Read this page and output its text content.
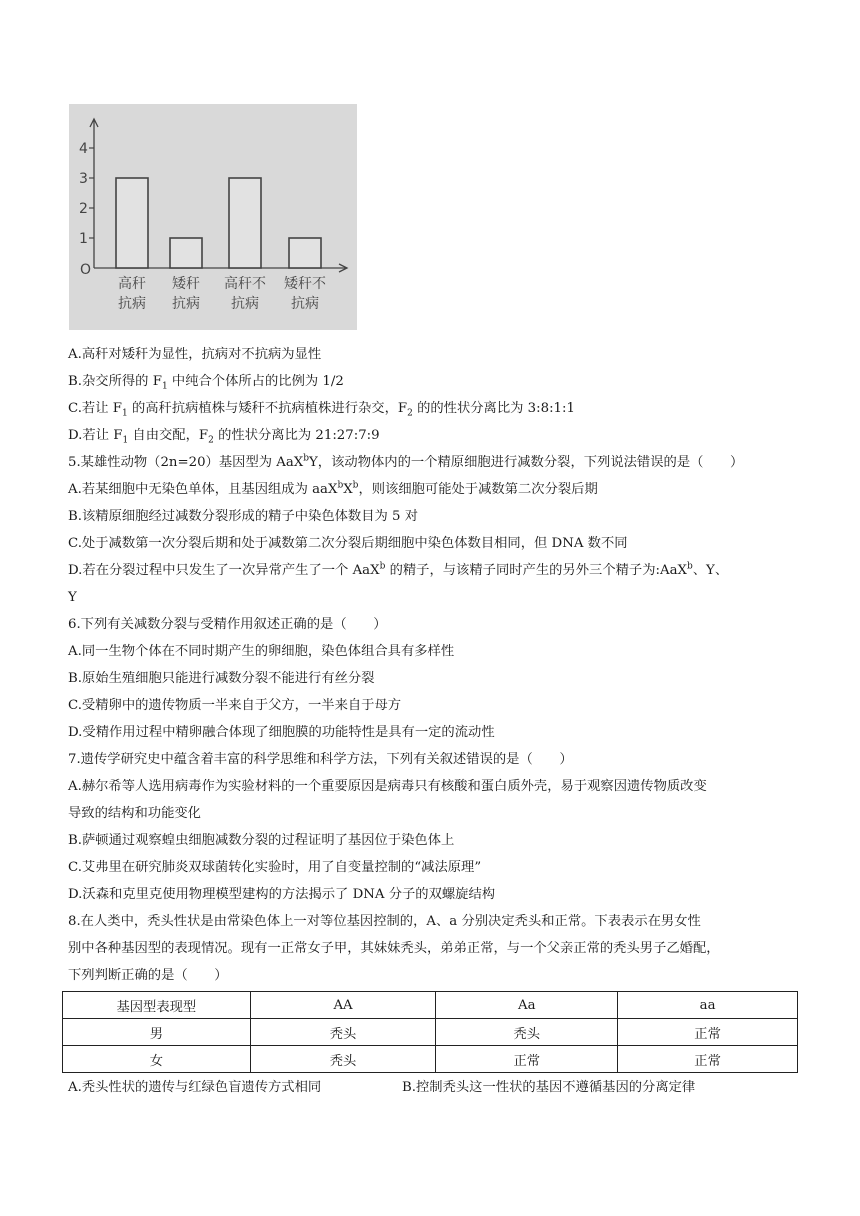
O
1
2
3
4
高秆
抗病
矮秆
抗病
高秆不
抗病
矮秆不
抗病
A.高秆对矮秆为显性，抗病对不抗病为显性
B.杂交所得的 $F_1$ 中纯合个体所占的比例为 1/2
C.若让 $F_1$ 的高秆抗病植株与矮秆不抗病植株进行杂交，$F_2$ 的的性状分离比为 3:8:1:1
D.若让 $F_1$ 自由交配，$F_2$ 的性状分离比为 21:27:7:9
5.某雄性动物（2n=20）基因型为 AaX$^b$Y，该动物体内的一个精原细胞进行减数分裂，下列说法错误的是（　　）
A.若某细胞中无染色单体，且基因组成为 $aaX^bX^b$，则该细胞可能处于减数第二次分裂后期
B.该精原细胞经过减数分裂形成的精子中染色体数目为 5 对
C.处于减数第一次分裂后期和处于减数第二次分裂后期细胞中染色体数目相同，但 DNA 数不同
D.若在分裂过程中只发生了一次异常产生了一个 AaX$^b$ 的精子，与该精子同时产生的另外三个精子为:AaX$^b$、Y、
Y
6.下列有关减数分裂与受精作用叙述正确的是（　　）
A.同一生物个体在不同时期产生的卵细胞，染色体组合具有多样性
B.原始生殖细胞只能进行减数分裂不能进行有丝分裂
C.受精卵中的遗传物质一半来自于父方，一半来自于母方
D.受精作用过程中精卵融合体现了细胞膜的功能特性是具有一定的流动性
7.遗传学研究史中蕴含着丰富的科学思维和科学方法，下列有关叙述错误的是（　　）
A.赫尔希等人选用病毒作为实验材料的一个重要原因是病毒只有核酸和蛋白质外壳，易于观察因遗传物质改变
导致的结构和功能变化
B.萨顿通过观察蝗虫细胞减数分裂的过程证明了基因位于染色体上
C.艾弗里在研究肺炎双球菌转化实验时，用了自变量控制的“减法原理”
D.沃森和克里克使用物理模型建构的方法揭示了 DNA 分子的双螺旋结构
8.在人类中，秃头性状是由常染色体上一对等位基因控制的，A、a 分别决定秃头和正常。下表表示在男女性
别中各种基因型的表现情况。现有一正常女子甲，其妹妹秃头，弟弟正常，与一个父亲正常的秃头男子乙婚配，
下列判断正确的是（　　）
基因型表现型	AA	Aa	aa
男	秃头	秃头	正常
女	秃头	正常	正常
A.秃头性状的遗传与红绿色盲遗传方式相同	B.控制秃头这一性状的基因不遵循基因的分离定律
